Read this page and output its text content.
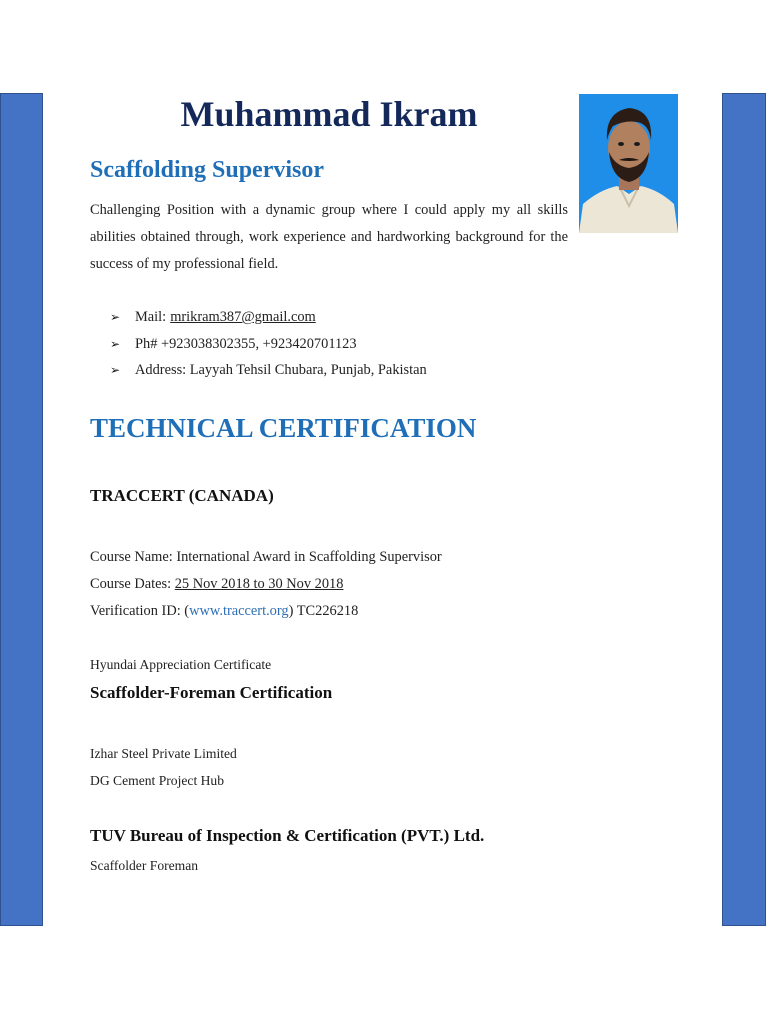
Muhammad Ikram
Scaffolding Supervisor

Challenging Position with a dynamic group where I could apply my all skills abilities obtained through, work experience and hardworking background for the success of my professional field.

➢	Mail: mrikram387@gmail.com
➢	Ph# +923038302355, +923420701123
➢	Address: Layyah Tehsil Chubara, Punjab, Pakistan
TECHNICAL CERTIFICATION

TRACCERT (CANADA)

Course Name: International Award in Scaffolding Supervisor

Course Dates: 25 Nov 2018 to 30 Nov 2018

Verification ID: (www.traccert.org) TC226218

Hyundai Appreciation Certificate

Scaffolder-Foreman Certification

Izhar Steel Private Limited

DG Cement Project Hub

TUV Bureau of Inspection & Certification (PVT.) Ltd.

Scaffolder Foreman
